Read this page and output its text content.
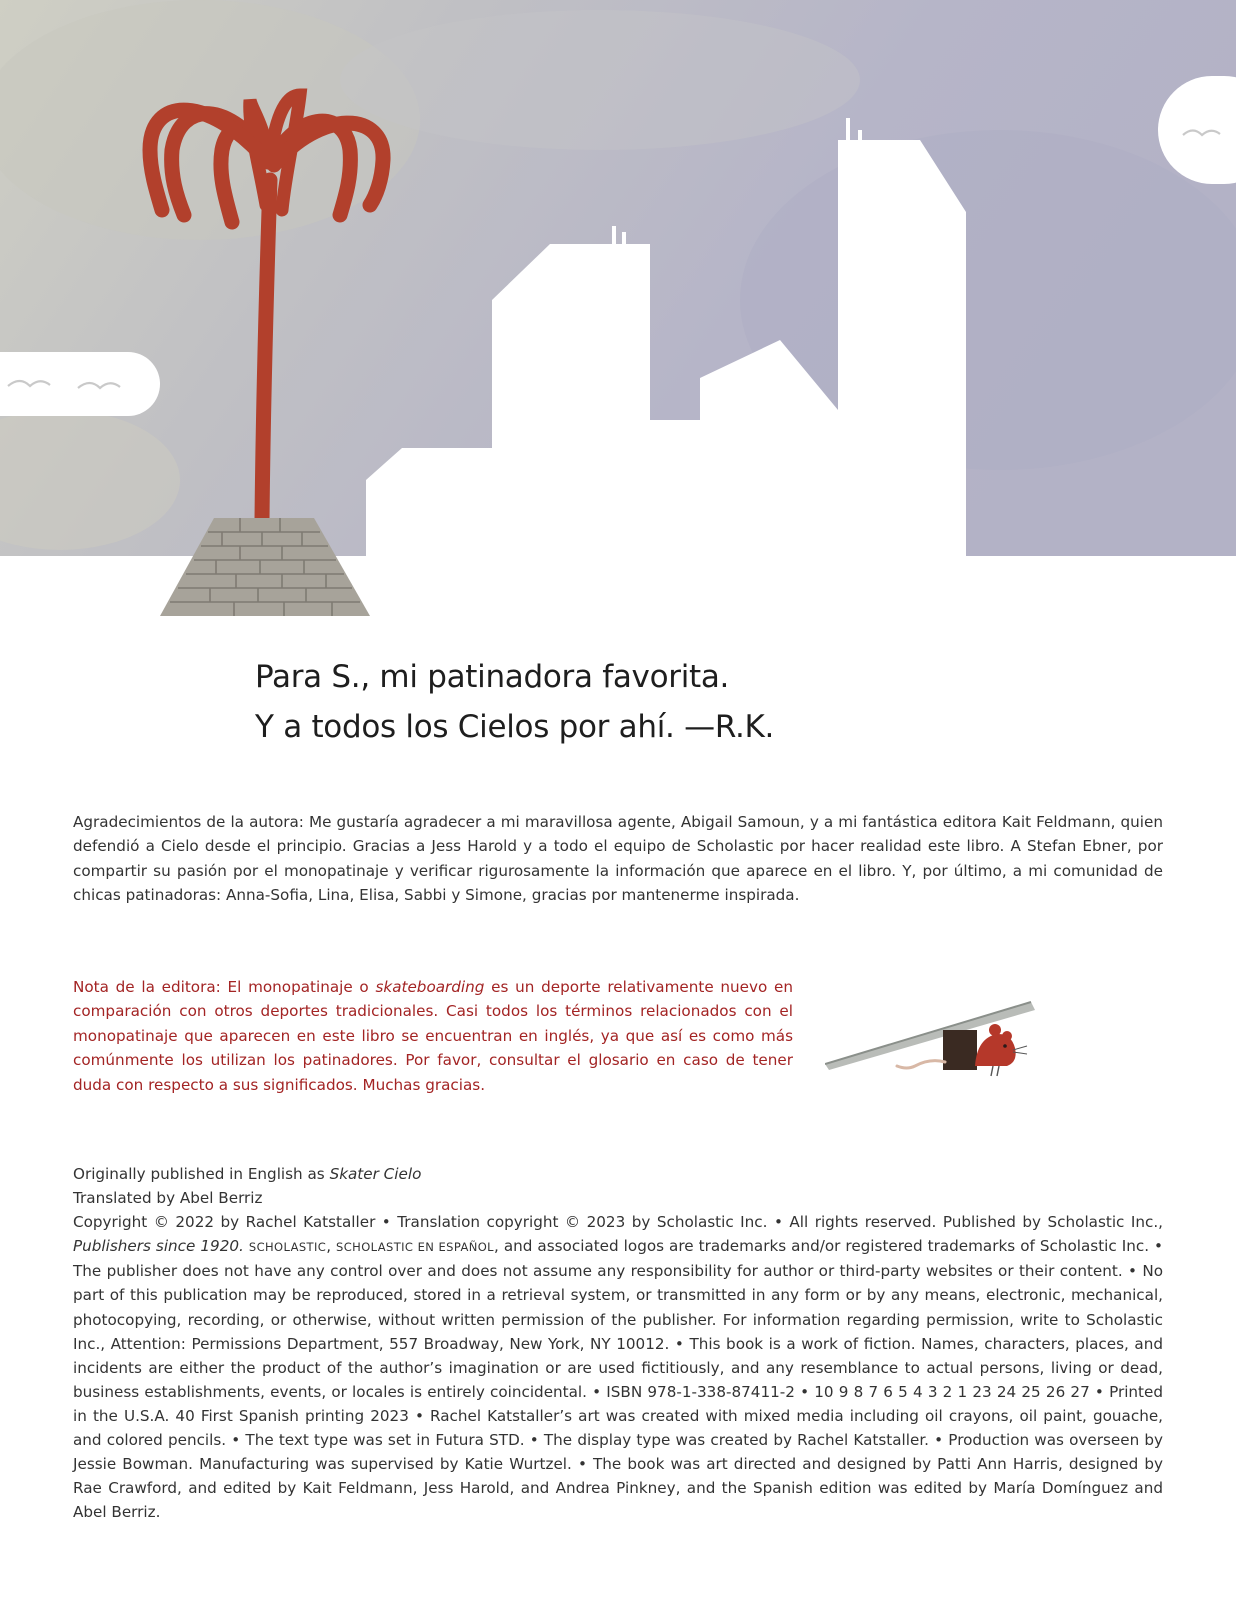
Para S., mi patinadora favorita.

Y a todos los Cielos por ahí. —R.K.

Agradecimientos de la autora: Me gustaría agradecer a mi maravillosa agente, Abigail Samoun, y a mi fantástica editora Kait Feldmann, quien defendió a Cielo desde el principio. Gracias a Jess Harold y a todo el equipo de Scholastic por hacer realidad este libro. A Stefan Ebner, por compartir su pasión por el monopatinaje y verificar rigurosamente la información que aparece en el libro. Y, por último, a mi comunidad de chicas patinadoras: Anna-Sofia, Lina, Elisa, Sabbi y Simone, gracias por mantenerme inspirada.

Nota de la editora: El monopatinaje o skateboarding es un deporte relativamente nuevo en comparación con otros deportes tradicionales. Casi todos los términos relacionados con el monopatinaje que aparecen en este libro se encuentran en inglés, ya que así es como más comúnmente los utilizan los patinadores. Por favor, consultar el glosario en caso de tener duda con respecto a sus significados. Muchas gracias.

Originally published in English as Skater Cielo
Translated by Abel Berriz

Copyright © 2022 by Rachel Katstaller • Translation copyright © 2023 by Scholastic Inc. • All rights reserved. Published by Scholastic Inc., Publishers since 1920. SCHOLASTIC, SCHOLASTIC EN ESPAÑOL, and associated logos are trademarks and/or registered trademarks of Scholastic Inc. • The publisher does not have any control over and does not assume any responsibility for author or third-party websites or their content. • No part of this publication may be reproduced, stored in a retrieval system, or transmitted in any form or by any means, electronic, mechanical, photocopying, recording, or otherwise, without written permission of the publisher. For information regarding permission, write to Scholastic Inc., Attention: Permissions Department, 557 Broadway, New York, NY 10012. • This book is a work of fiction. Names, characters, places, and incidents are either the product of the author’s imagination or are used fictitiously, and any resemblance to actual persons, living or dead, business establishments, events, or locales is entirely coincidental. • ISBN 978-1-338-87411-2 • 10 9 8 7 6 5 4 3 2 1 23 24 25 26 27 • Printed in the U.S.A. 40 First Spanish printing 2023 • Rachel Katstaller’s art was created with mixed media including oil crayons, oil paint, gouache, and colored pencils. • The text type was set in Futura STD. • The display type was created by Rachel Katstaller. • Production was overseen by Jessie Bowman. Manufacturing was supervised by Katie Wurtzel. • The book was art directed and designed by Patti Ann Harris, designed by Rae Crawford, and edited by Kait Feldmann, Jess Harold, and Andrea Pinkney, and the Spanish edition was edited by María Domínguez and Abel Berriz.
